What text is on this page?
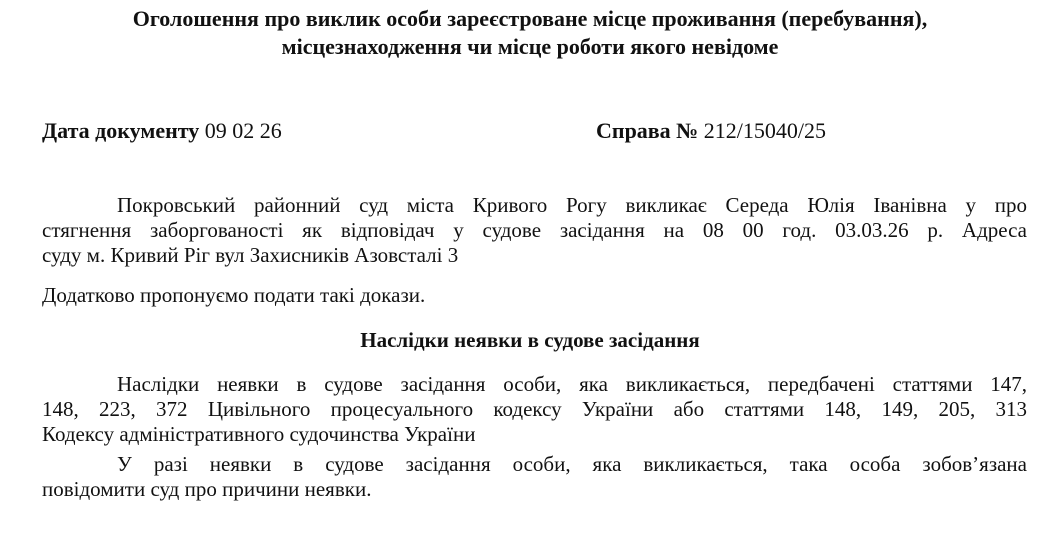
Оголошення про виклик особи зареєстроване місце проживання (перебування),
місцезнаходження чи місце роботи якого невідоме
Дата документу 09 02 26	Справа № 212/15040/25
Покровський районний суд міста Кривого Рогу викликає Середа Юлія Іванівна у про
стягнення заборгованості як відповідач у судове засідання на 08 00 год. 03.03.26 р. Адреса
суду м. Кривий Ріг вул Захисників Азовсталі 3
Додатково пропонуємо подати такі докази.
Наслідки неявки в судове засідання
Наслідки неявки в судове засідання особи, яка викликається, передбачені статтями 147,
148, 223, 372 Цивільного процесуального кодексу України або статтями 148, 149, 205, 313
Кодексу адміністративного судочинства України
У разі неявки в судове засідання особи, яка викликається, така особа зобов’язана
повідомити суд про причини неявки.
